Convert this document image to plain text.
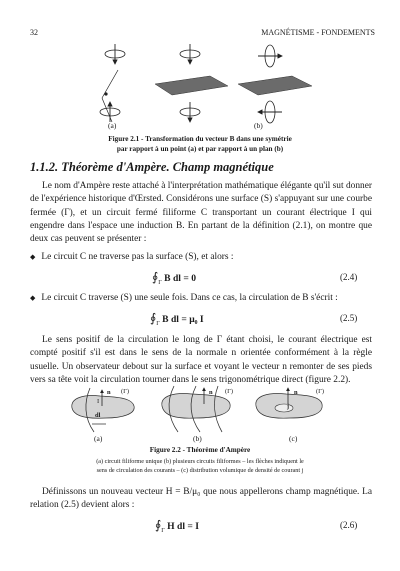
32	MAGNÉTISME - FONDEMENTS
(a)	(b)
Figure 2.1 - Transformation du vecteur B dans une symétrie
par rapport à un point (a) et par rapport à un plan (b)
1.1.2. Théorème d'Ampère. Champ magnétique

Le nom d'Ampère reste attaché à l'interprétation mathématique élégante qu'il sut donner de l'expérience historique d'Œrsted. Considérons une surface (S) s'appuyant sur une courbe fermée (Γ), et un circuit fermé filiforme C transportant un courant électrique I qui engendre dans l'espace une induction B. En partant de la définition (2.1), on montre que deux cas peuvent se présenter :

◆ Le circuit C ne traverse pas la surface (S), et alors :
$∮_\Gamma$ B dl = 0	(2.4)
◆ Le circuit C traverse (S) une seule fois. Dans ce cas, la circulation de B s'écrit :
$∮_\Gamma$ B dl = μ₀ I	(2.5)

Le sens positif de la circulation le long de Γ étant choisi, le courant électrique est compté positif s'il est dans le sens de la normale n orientée conformément à la règle usuelle. Un observateur debout sur la surface et voyant le vecteur n remonter de ses pieds vers sa tête voit la circulation tourner dans le sens trigonométrique direct (figure 2.2).

n
I
(Γ)
dl
n (Γ)	n	(Γ)
j
(a)	(b)	(c)
Figure 2.2 - Théorème d'Ampère
(a) circuit filiforme unique (b) plusieurs circuits filiformes – les flèches indiquent le
sens de circulation des courants – (c) distribution volumique de densité de courant j

Définissons un nouveau vecteur H = B/μ₀ que nous appellerons champ magnétique. La relation (2.5) devient alors :

$∮_\Gamma$ H dl = I	(2.6)
